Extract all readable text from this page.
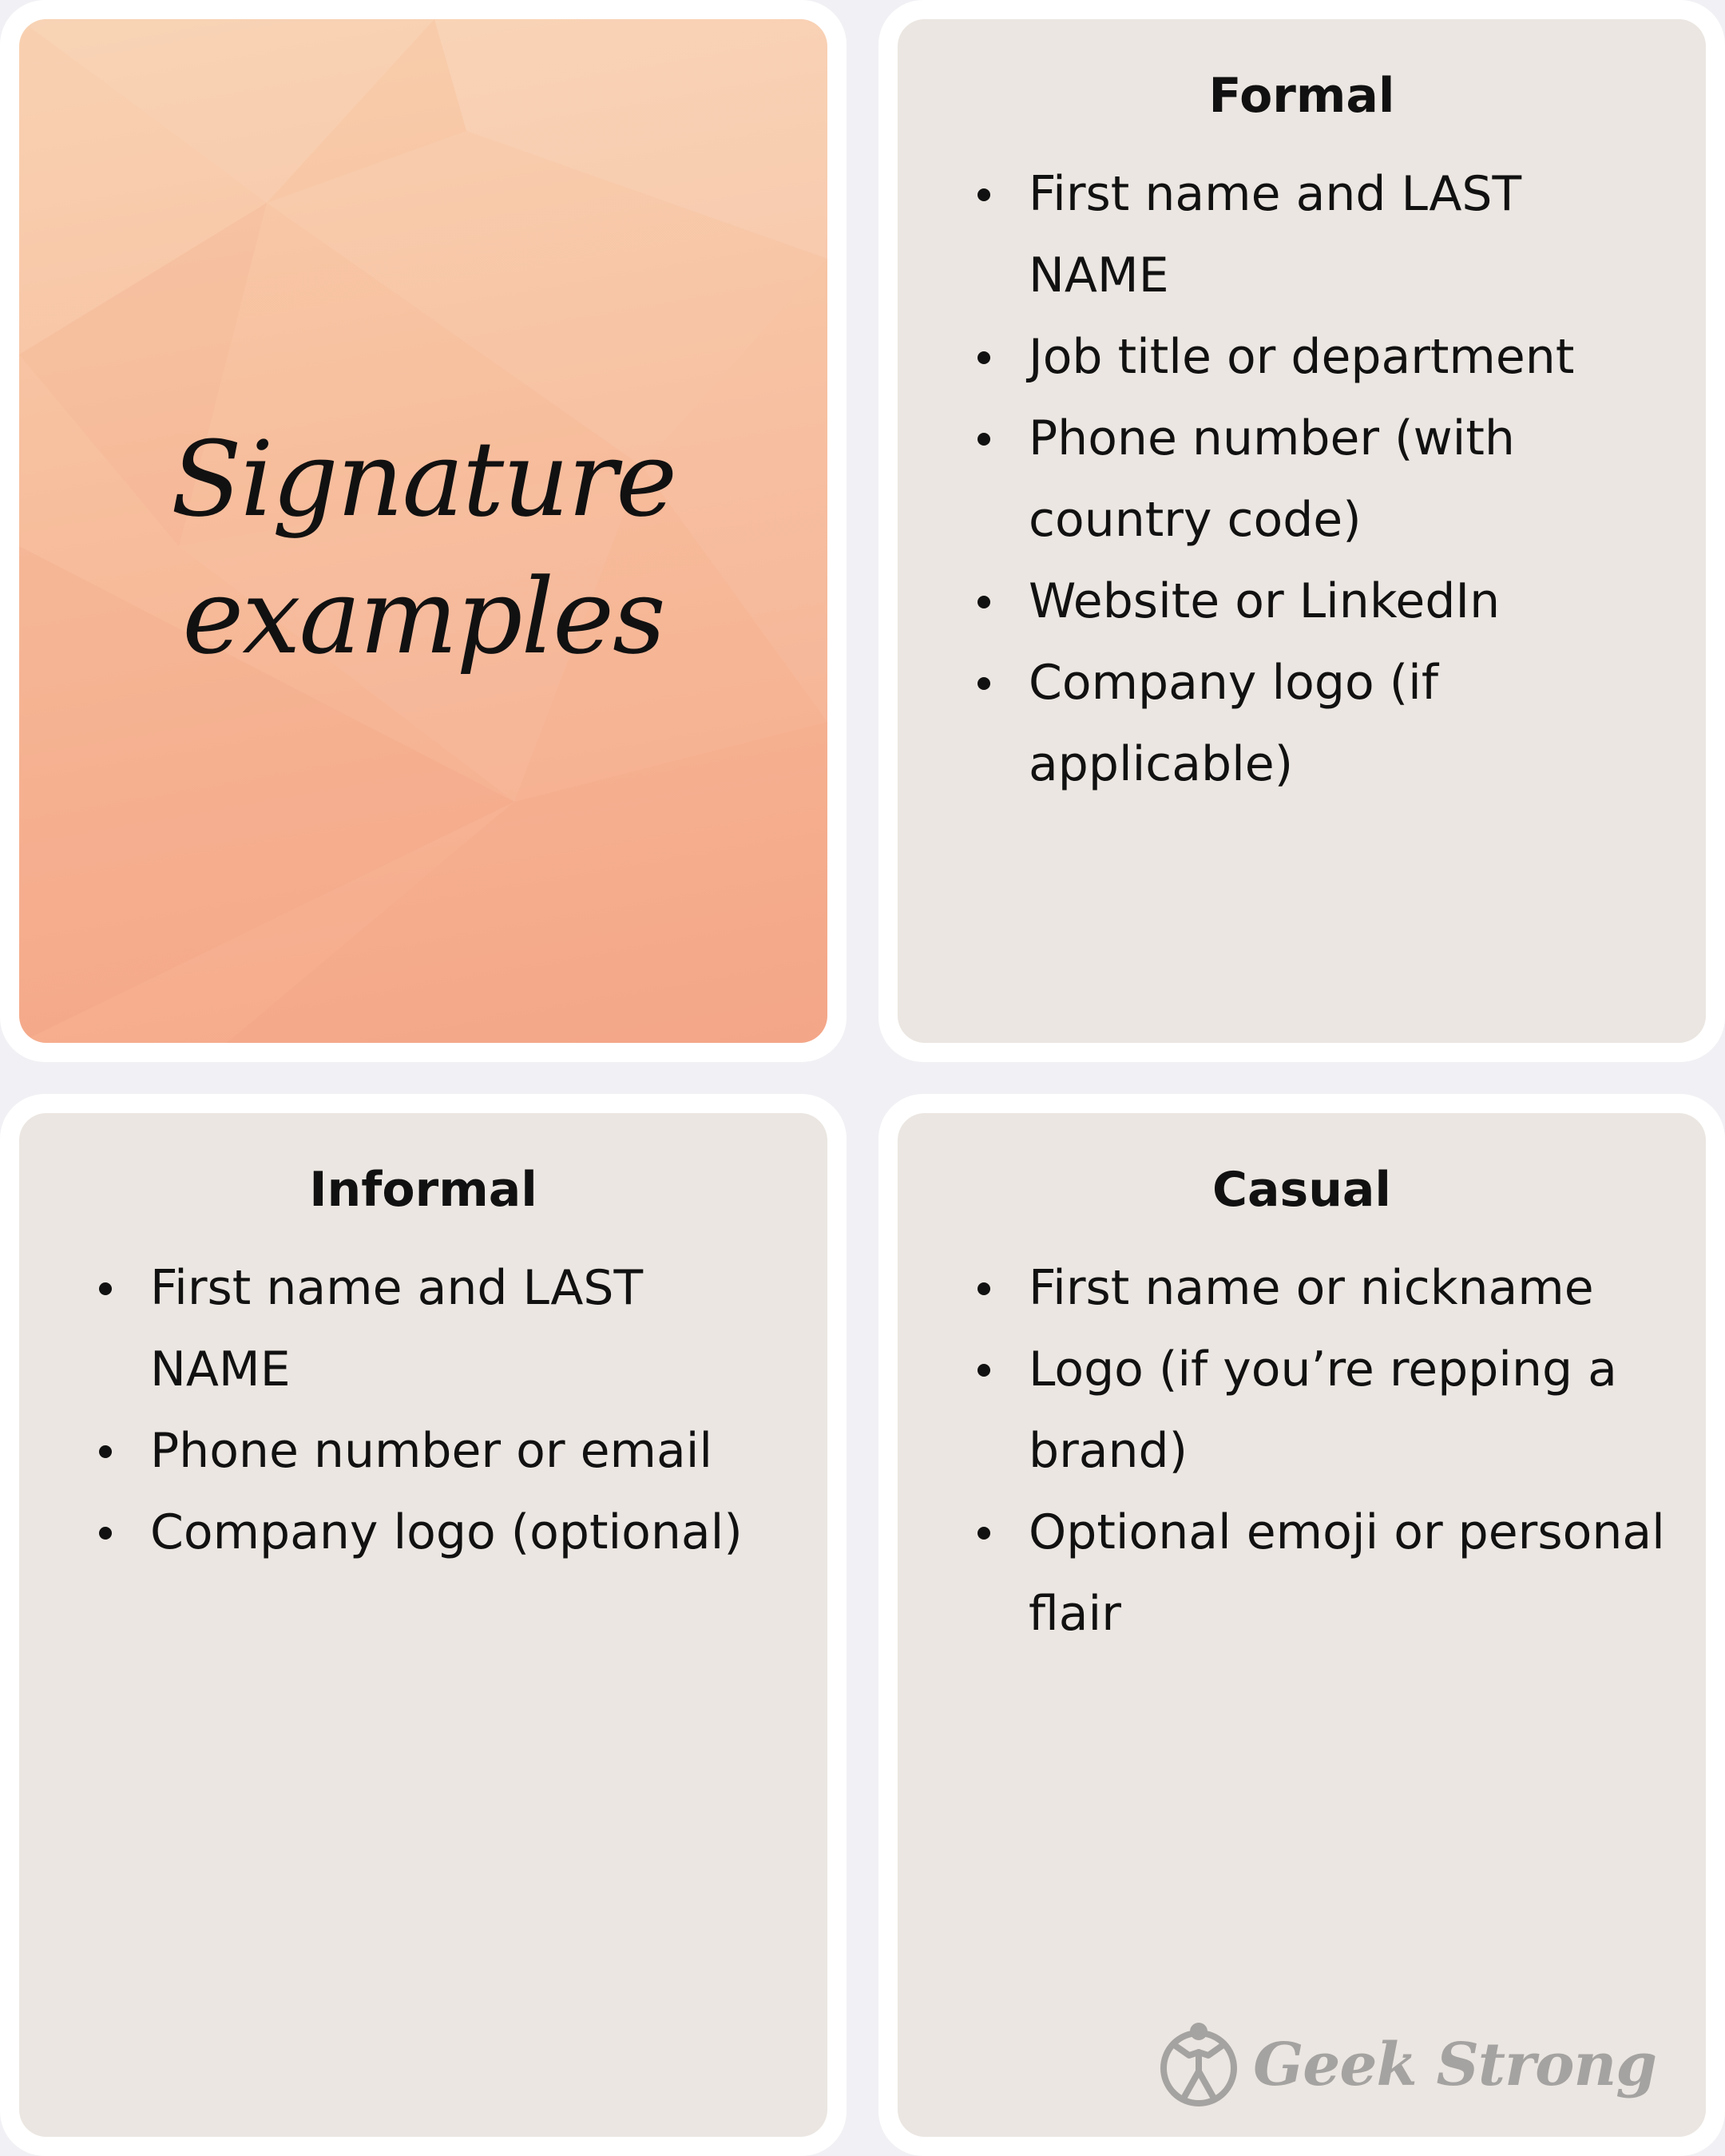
Signature
examples
Formal
First name and LAST NAME
Job title or department
Phone number (with country code)
Website or LinkedIn
Company logo (if applicable)
Informal
First name and LAST NAME
Phone number or email
Company logo (optional)
Casual
First name or nickname
Logo (if you’re repping a brand)
Optional emoji or personal flair
Geek Strong
